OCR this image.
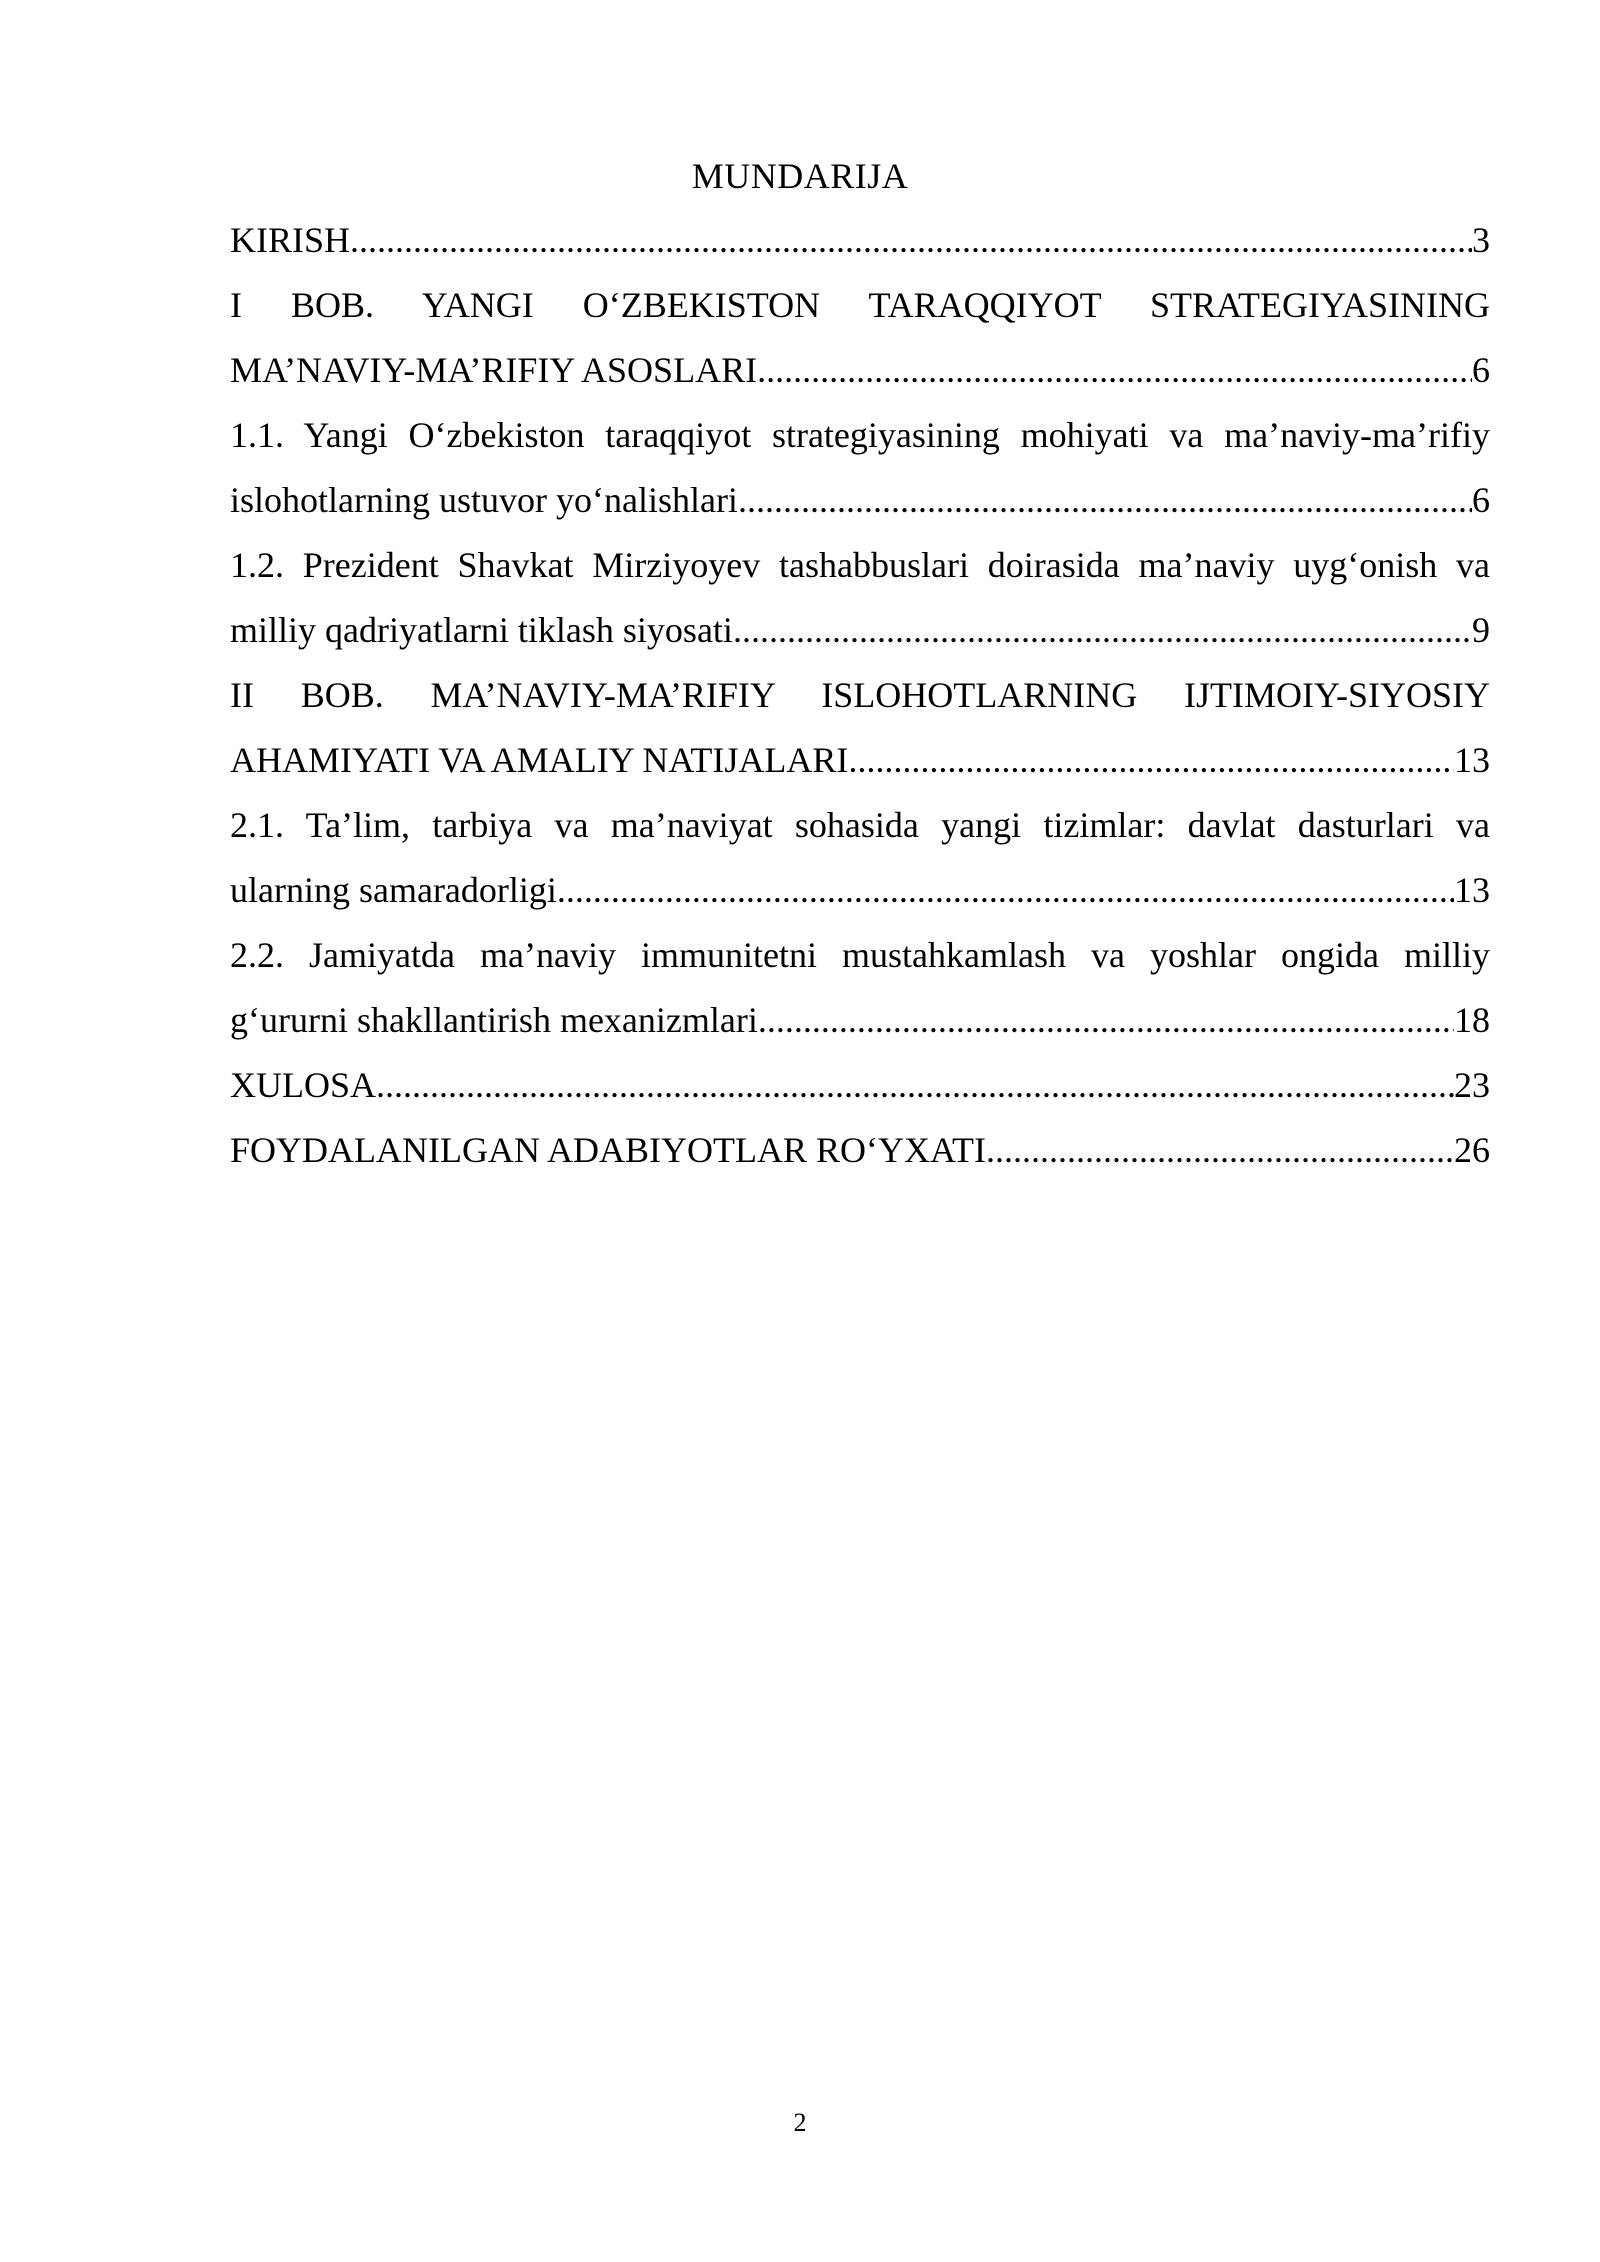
MUNDARIJA
KIRISH .....	3
I BOB. YANGI O‘ZBEKISTON TARAQQIYOT STRATEGIYASINING
MA’NAVIY-MA’RIFIY ASOSLARI .....	6
1.1. Yangi O‘zbekiston taraqqiyot strategiyasining mohiyati va ma’naviy-ma’rifiy
islohotlarning ustuvor yo‘nalishlari .....	6
1.2. Prezident Shavkat Mirziyoyev tashabbuslari doirasida ma’naviy uyg‘onish va
milliy qadriyatlarni tiklash siyosati .....	9
II BOB. MA’NAVIY-MA’RIFIY ISLOHOTLARNING IJTIMOIY-SIYOSIY
AHAMIYATI VA AMALIY NATIJALARI .....	13
2.1. Ta’lim, tarbiya va ma’naviyat sohasida yangi tizimlar: davlat dasturlari va
ularning samaradorligi .....	13
2.2. Jamiyatda ma’naviy immunitetni mustahkamlash va yoshlar ongida milliy
g‘ururni shakllantirish mexanizmlari .....	18
XULOSA .....	23
FOYDALANILGAN ADABIYOTLAR RO‘YXATI .....	26
2
